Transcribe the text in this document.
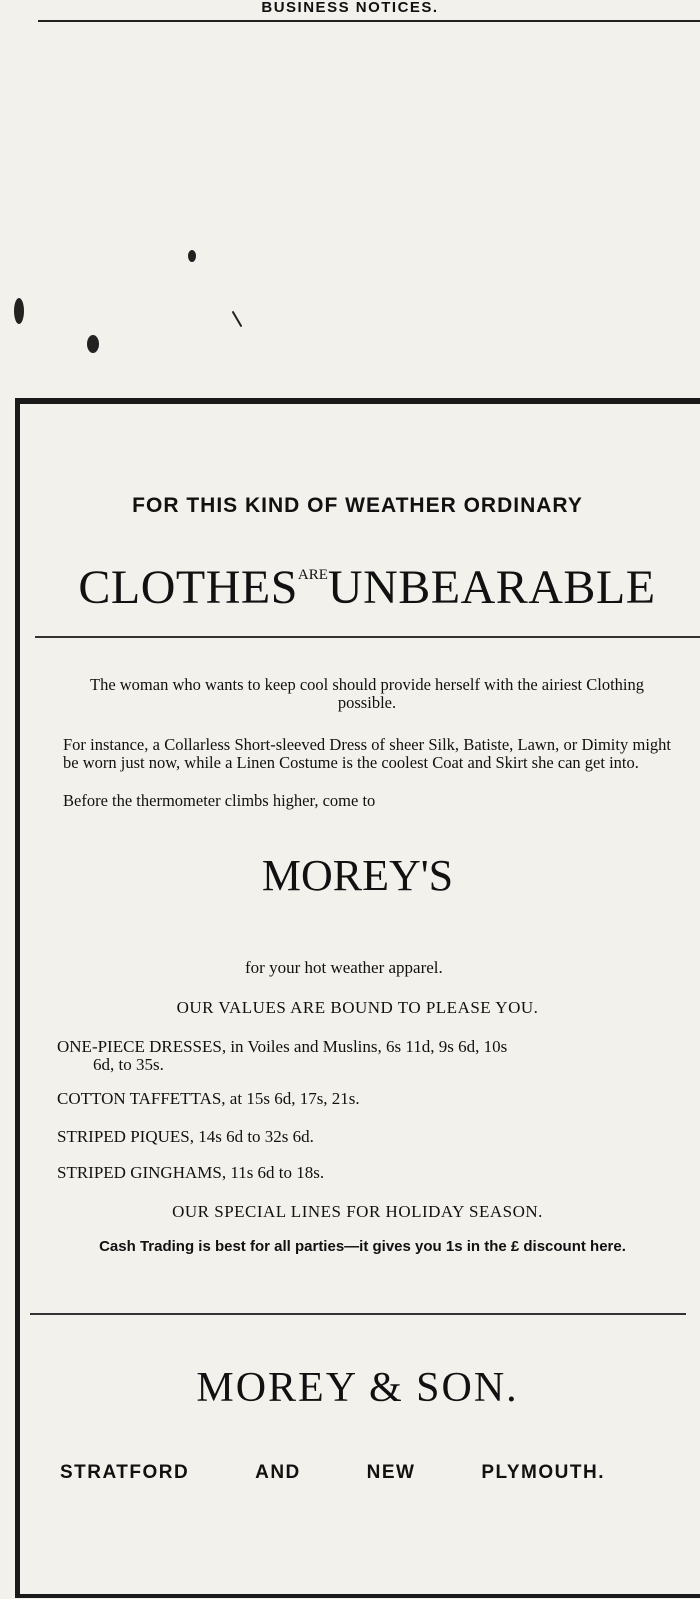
BUSINESS NOTICES.
FOR THIS KIND OF WEATHER ORDINARY
$CLOTHES^{ARE}UNBEARABLE$
The woman who wants to keep cool should provide herself with the airiest Clothing possible.
For instance, a Collarless Short-sleeved Dress of sheer Silk, Batiste, Lawn, or Dimity might be worn just now, while a Linen Costume is the coolest Coat and Skirt she can get into.
Before the thermometer climbs higher, come to
MOREY'S
for your hot weather apparel.
OUR VALUES ARE BOUND TO PLEASE YOU.
ONE-PIECE DRESSES, in Voiles and Muslins, 6s 11d, 9s 6d, 10s
6d, to 35s.
COTTON TAFFETTAS, at 15s 6d, 17s, 21s.
STRIPED PIQUES, 14s 6d to 32s 6d.
STRIPED GINGHAMS, 11s 6d to 18s.
OUR SPECIAL LINES FOR HOLIDAY SEASON.
Cash Trading is best for all parties—it gives you 1s in the £ discount here.
MOREY & SON.
STRATFORD	AND	NEW	PLYMOUTH.
